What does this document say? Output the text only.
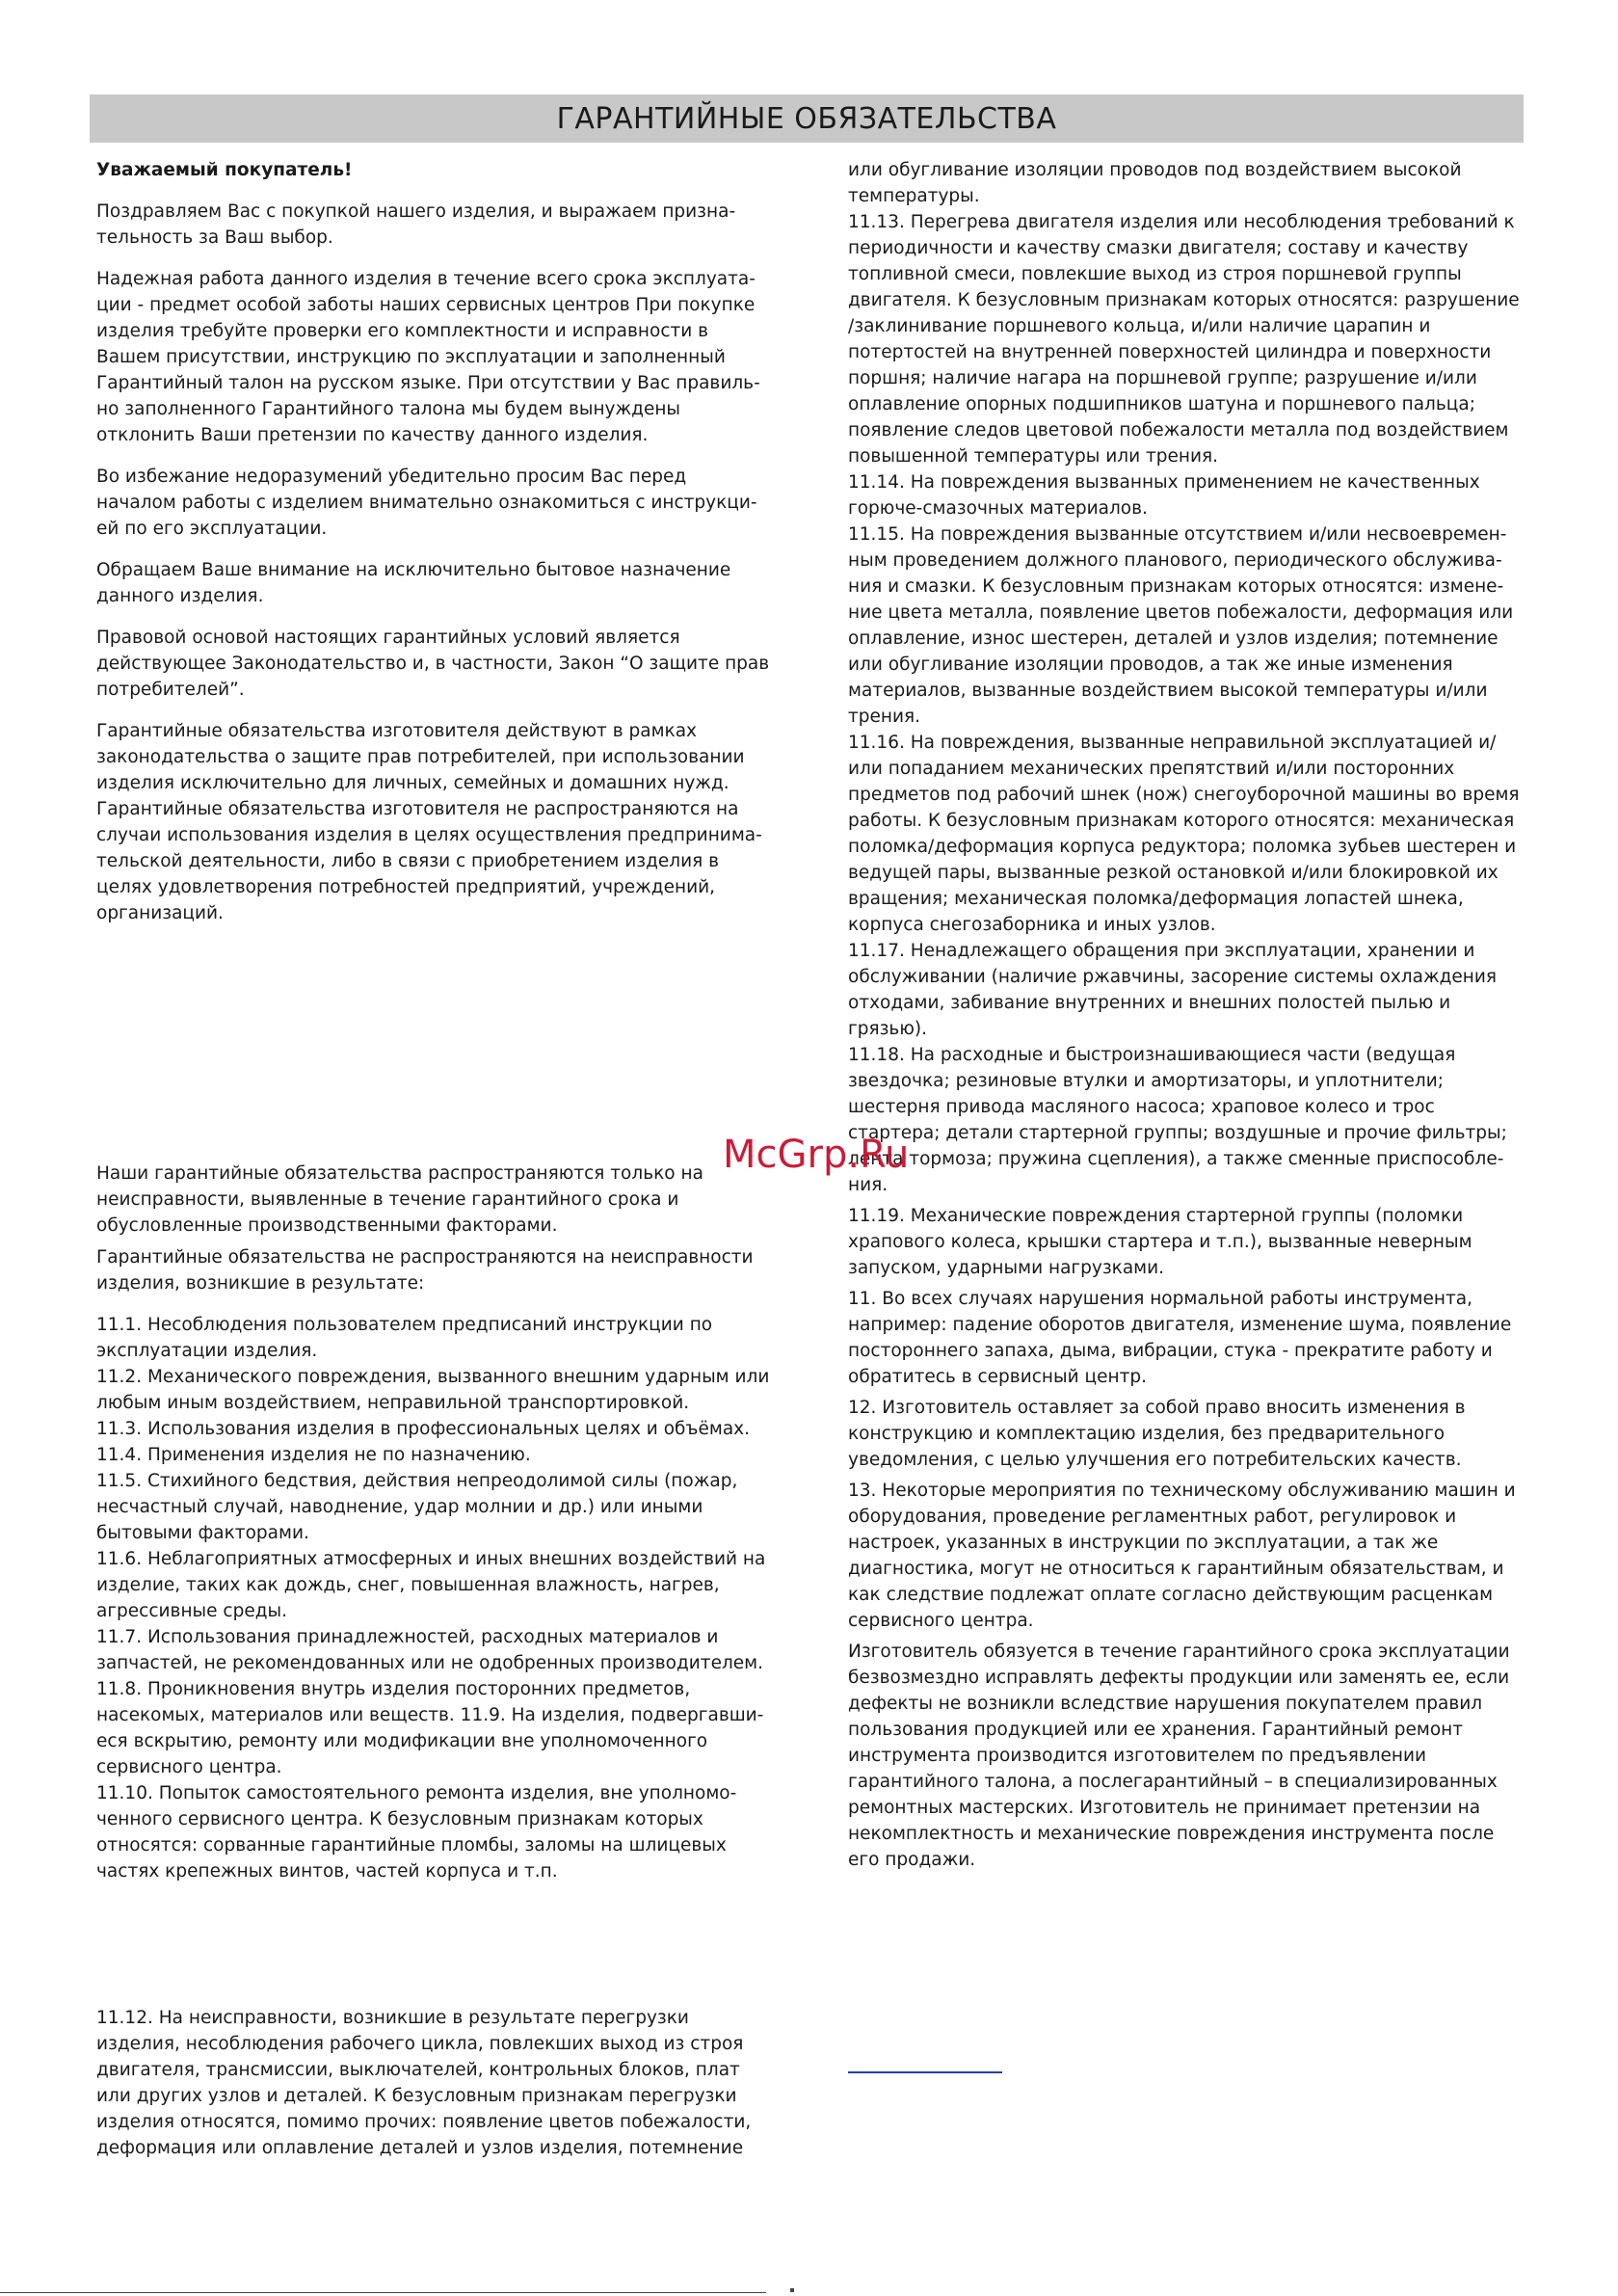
ГАРАНТИЙНЫЕ ОБЯЗАТЕЛЬСТВА

Уважаемый покупатель!

Поздравляем Вас с покупкой нашего изделия, и выражаем призна-тельность за Ваш выбор.

Надежная работа данного изделия в течение всего срока эксплуата-ции - предмет особой заботы наших сервисных центров При покупке изделия требуйте проверки его комплектности и исправности в Вашем присутствии, инструкцию по эксплуатации и заполненный Гарантийный талон на русском языке. При отсутствии у Вас правиль-но заполненного Гарантийного талона мы будем вынуждены отклонить Ваши претензии по качеству данного изделия.

Во избежание недоразумений убедительно просим Вас перед началом работы с изделием внимательно ознакомиться с инструкци-ей по его эксплуатации.

Обращаем Ваше внимание на исключительно бытовое назначение данного изделия.

Правовой основой настоящих гарантийных условий является действующее Законодательство и, в частности, Закон “О защите прав потребителей”.

Гарантийные обязательства изготовителя действуют в рамках законодательства о защите прав потребителей, при использовании изделия исключительно для личных, семейных и домашних нужд. Гарантийные обязательства изготовителя не распространяются на случаи использования изделия в целях осуществления предпринима-тельской деятельности, либо в связи с приобретением изделия в целях удовлетворения потребностей предприятий, учреждений, организаций.

Наши гарантийные обязательства распространяются только на неисправности, выявленные в течение гарантийного срока и обусловленные производственными факторами.

Гарантийные обязательства не распространяются на неисправности изделия, возникшие в результате:

11.1. Несоблюдения пользователем предписаний инструкции по эксплуатации изделия.

11.2. Механического повреждения, вызванного внешним ударным или любым иным воздействием, неправильной транспортировкой.

11.3. Использования изделия в профессиональных целях и объёмах.

11.4. Применения изделия не по назначению.

11.5. Стихийного бедствия, действия непреодолимой силы (пожар, несчастный случай, наводнение, удар молнии и др.) или иными бытовыми факторами.

11.6. Неблагоприятных атмосферных и иных внешних воздействий на изделие, таких как дождь, снег, повышенная влажность, нагрев, агрессивные среды.

11.7. Использования принадлежностей, расходных материалов и запчастей, не рекомендованных или не одобренных производителем.

11.8. Проникновения внутрь изделия посторонних предметов, насекомых, материалов или веществ. 11.9. На изделия, подвергавши-еся вскрытию, ремонту или модификации вне уполномоченного сервисного центра.

11.10. Попыток самостоятельного ремонта изделия, вне уполномо-ченного сервисного центра. К безусловным признакам которых относятся: сорванные гарантийные пломбы, заломы на шлицевых частях крепежных винтов, частей корпуса и т.п.

11.12. На неисправности, возникшие в результате перегрузки изделия, несоблюдения рабочего цикла, повлекших выход из строя двигателя, трансмиссии, выключателей, контрольных блоков, плат или других узлов и деталей. К безусловным признакам перегрузки изделия относятся, помимо прочих: появление цветов побежалости, деформация или оплавление деталей и узлов изделия, потемнение

или обугливание изоляции проводов под воздействием высокой температуры.

11.13. Перегрева двигателя изделия или несоблюдения требований к периодичности и качеству смазки двигателя; составу и качеству топливной смеси, повлекшие выход из строя поршневой группы двигателя. К безусловным признакам которых относятся: разрушение /заклинивание поршневого кольца, и/или наличие царапин и потертостей на внутренней поверхностей цилиндра и поверхности поршня; наличие нагара на поршневой группе; разрушение и/или оплавление опорных подшипников шатуна и поршневого пальца; появление следов цветовой побежалости металла под воздействием повышенной температуры или трения.

11.14. На повреждения вызванных применением не качественных горюче-смазочных материалов.

11.15. На повреждения вызванные отсутствием и/или несвоевремен-ным проведением должного планового, периодического обслужива-ния и смазки. К безусловным признакам которых относятся: измене-ние цвета металла, появление цветов побежалости, деформация или оплавление, износ шестерен, деталей и узлов изделия; потемнение или обугливание изоляции проводов, а так же иные изменения материалов, вызванные воздействием высокой температуры и/или трения.

11.16. На повреждения, вызванные неправильной эксплуатацией и/или попаданием механических препятствий и/или посторонних предметов под рабочий шнек (нож) снегоуборочной машины во время работы. К безусловным признакам которого относятся: механическая поломка/деформация корпуса редуктора; поломка зубьев шестерен и ведущей пары, вызванные резкой остановкой и/или блокировкой их вращения; механическая поломка/деформация лопастей шнека, корпуса снегозаборника и иных узлов.

11.17. Ненадлежащего обращения при эксплуатации, хранении и обслуживании (наличие ржавчины, засорение системы охлаждения отходами, забивание внутренних и внешних полостей пылью и грязью).

11.18. На расходные и быстроизнашивающиеся части (ведущая звездочка; резиновые втулки и амортизаторы, и уплотнители; шестерня привода масляного насоса; храповое колесо и трос стартера; детали стартерной группы; воздушные и прочие фильтры; лента тормоза; пружина сцепления), а также сменные приспособле-ния.

11.19. Механические повреждения стартерной группы (поломки храпового колеса, крышки стартера и т.п.), вызванные неверным запуском, ударными нагрузками.

11. Во всех случаях нарушения нормальной работы инструмента, например: падение оборотов двигателя, изменение шума, появление постороннего запаха, дыма, вибрации, стука - прекратите работу и обратитесь в сервисный центр.

12. Изготовитель оставляет за собой право вносить изменения в конструкцию и комплектацию изделия, без предварительного уведомления, с целью улучшения его потребительских качеств.

13. Некоторые мероприятия по техническому обслуживанию машин и оборудования, проведение регламентных работ, регулировок и настроек, указанных в инструкции по эксплуатации, а так же диагностика, могут не относиться к гарантийным обязательствам, и как следствие подлежат оплате согласно действующим расценкам сервисного центра.

Изготовитель обязуется в течение гарантийного срока эксплуатации безвозмездно исправлять дефекты продукции или заменять ее, если дефекты не возникли вследствие нарушения покупателем правил пользования продукцией или ее хранения. Гарантийный ремонт инструмента производится изготовителем по предъявлении гарантийного талона, а послегарантийный – в специализированных ремонтных мастерских. Изготовитель не принимает претензии на некомплектность и механические повреждения инструмента после его продажи.

McGrp.Ru
